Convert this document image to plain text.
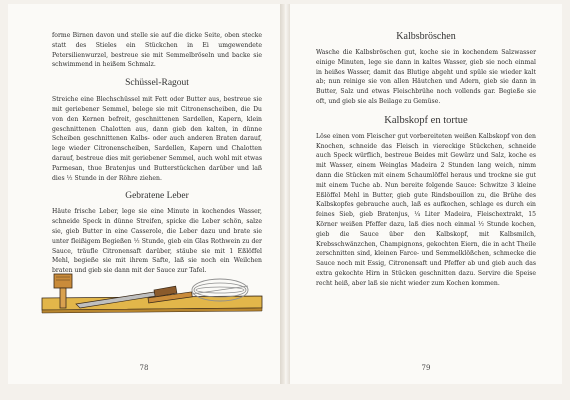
forme Birnen davon und stelle sie auf die dicke Seite, oben stecke statt des Stieles ein Stückchen in Ei umgewendete Petersilienwurzel, bestreue sie mit Semmelbröseln und backe sie schwimmend in heißem Schmalz.

Schüssel-Ragout

Streiche eine Blechschüssel mit Fett oder Butter aus, bestreue sie mit geriebener Semmel, belege sie mit Citronenscheiben, die Du von den Kernen befreit, geschnittenen Sardellen, Kapern, klein geschnittenen Chalotten aus, dann gieb den kalten, in dünne Scheiben geschnittenen Kalbs- oder auch anderen Braten darauf, lege wieder Citronenscheiben, Sardellen, Kapern und Chalotten darauf, bestreue dies mit geriebener Semmel, auch wohl mit etwas Parmesan, thue Bratenjus und Butterstückchen darüber und laß dies ½ Stunde in der Röhre ziehen.

Gebratene Leber

Häute frische Leber, lege sie eine Minute in kochendes Wasser, schneide Speck in dünne Streifen, spicke die Leber schön, salze sie, gieb Butter in eine Casserole, die Leber dazu und brate sie unter fleißigem Begießen ½ Stunde, gieb ein Glas Rothwein zu der Sauce, träufle Citronensaft darüber, stäube sie mit 1 Eßlöffel Mehl, begieße sie mit ihrem Safte, laß sie noch ein Weilchen braten und gieb sie dann mit der Sauce zur Tafel.

78
Kalbsbröschen

Wasche die Kalbsbröschen gut, koche sie in kochendem Salzwasser einige Minuten, lege sie dann in kaltes Wasser, gieb sie noch einmal in heißes Wasser, damit das Blutige abgeht und spüle sie wieder kalt ab; nun reinige sie von allen Häutchen und Adern, gieb sie dann in Butter, Salz und etwas Fleischbrühe noch vollends gar. Begieße sie oft, und gieb sie als Beilage zu Gemüse.

Kalbskopf en tortue

Löse einen vom Fleischer gut vorbereiteten weißen Kalbskopf von den Knochen, schneide das Fleisch in viereckige Stückchen, schneide auch Speck würflich, bestreue Beides mit Gewürz und Salz, koche es mit Wasser, einem Weinglas Madeira 2 Stunden lang weich, nimm dann die Stücken mit einem Schaumlöffel heraus und trockne sie gut mit einem Tuche ab. Nun bereite folgende Sauce: Schwitze 3 kleine Eßlöffel Mehl in Butter, gieb gute Rindsbouillon zu, die Brühe des Kalbskopfes gebrauche auch, laß es aufkochen, schlage es durch ein feines Sieb, gieb Bratenjus, ¼ Liter Madeira, Fleischextrakt, 15 Körner weißen Pfeffer dazu, laß dies noch einmal ½ Stunde kochen, gieb die Sauce über den Kalbskopf, mit Kalbsmilch, Krebsschwänzchen, Champignons, gekochten Eiern, die in acht Theile zerschnitten sind, kleinen Farce- und Semmelklößchen, schmecke die Sauce noch mit Essig, Citronensaft und Pfeffer ab und gieb auch das extra gekochte Hirn in Stücken geschnitten dazu. Servire die Speise recht heiß, aber laß sie nicht wieder zum Kochen kommen.

79
